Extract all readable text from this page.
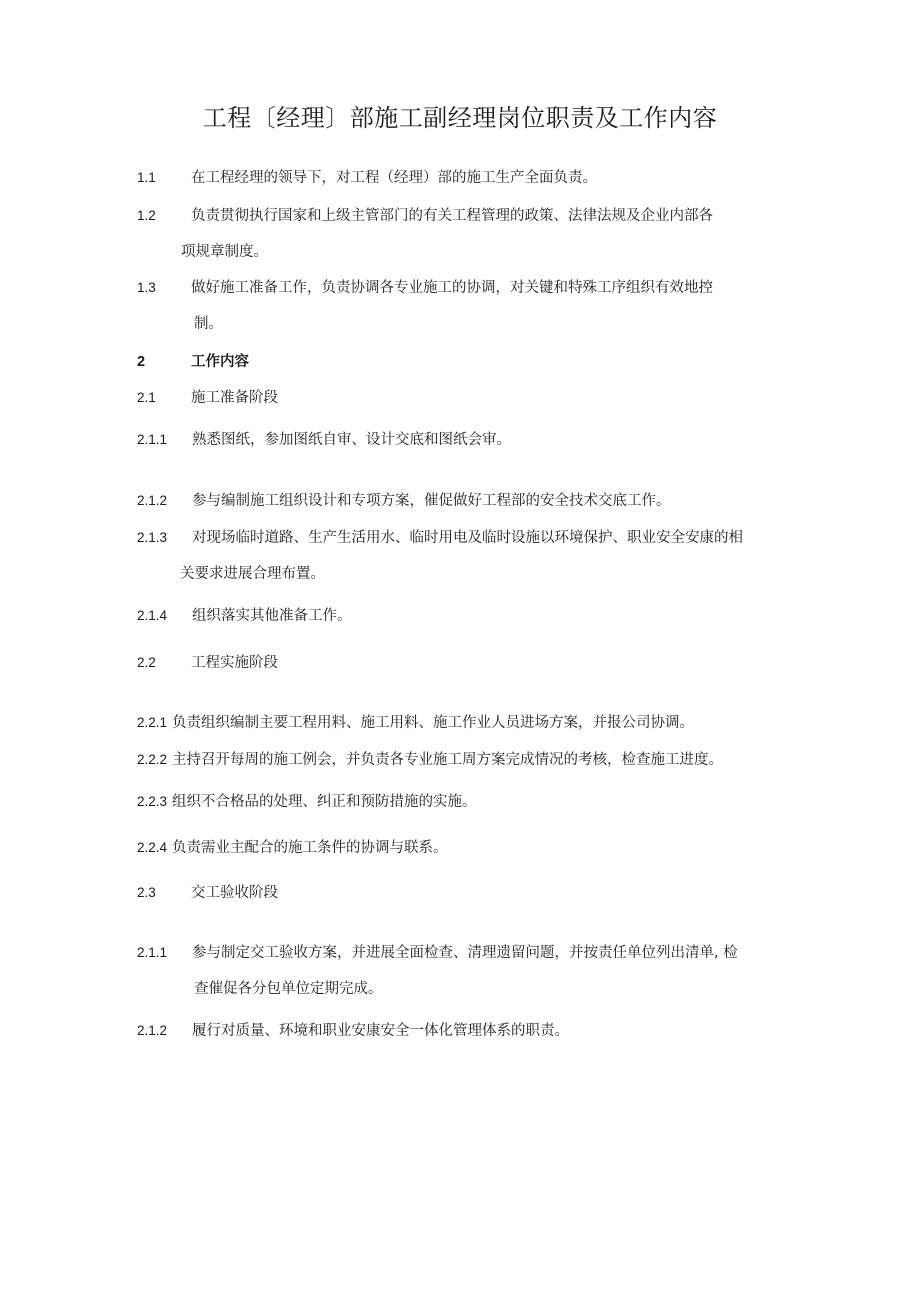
工程〔经理〕部施工副经理岗位职责及工作内容
1.1 在工程经理的领导下，对工程（经理）部的施工生产全面负责。
1.2 负责贯彻执行国家和上级主管部门的有关工程管理的政策、法律法规及企业内部各
项规章制度。
1.3 做好施工准备工作，负责协调各专业施工的协调，对关键和特殊工序组织有效地控
制。
2	工作内容
2.1 施工准备阶段
2.1.1 熟悉图纸，参加图纸自审、设计交底和图纸会审。
2.1.2 参与编制施工组织设计和专项方案，催促做好工程部的安全技术交底工作。
2.1.3 对现场临时道路、生产生活用水、临时用电及临时设施以环境保护、职业安全安康的相
关要求进展合理布置。
2.1.4 组织落实其他准备工作。
2.2 工程实施阶段
2.2.1 负责组织编制主要工程用料、施工用料、施工作业人员进场方案，并报公司协调。
2.2.2 主持召开每周的施工例会，并负责各专业施工周方案完成情况的考核，检查施工进度。
2.2.3 组织不合格品的处理、纠正和预防措施的实施。
2.2.4 负责需业主配合的施工条件的协调与联系。
2.3 交工验收阶段
2.1.1 参与制定交工验收方案，并进展全面检查、清理遗留问题，并按责任单位列出清单, 检
查催促各分包单位定期完成。
2.1.2 履行对质量、环境和职业安康安全一体化管理体系的职责。
